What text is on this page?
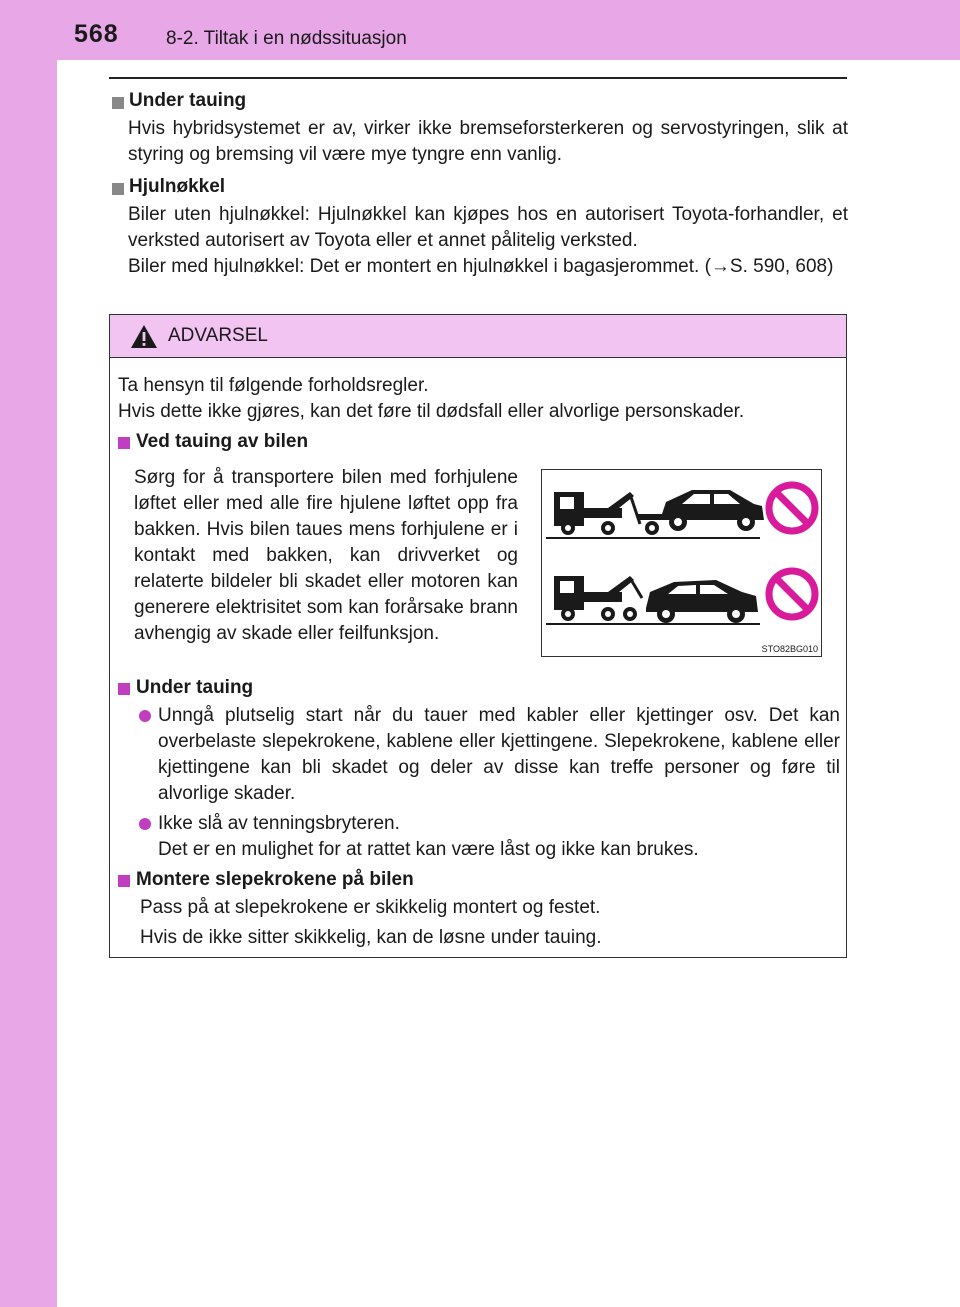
568 8-2. Tiltak i en nødssituasjon
Under tauing

Hvis hybridsystemet er av, virker ikke bremseforsterkeren og servostyringen, slik at styring og bremsing vil være mye tyngre enn vanlig.

Hjulnøkkel

Biler uten hjulnøkkel: Hjulnøkkel kan kjøpes hos en autorisert Toyota-forhandler, et verksted autorisert av Toyota eller et annet pålitelig verksted.

Biler med hjulnøkkel: Det er montert en hjulnøkkel i bagasjerommet. (→S. 590, 608)

ADVARSEL
Ta hensyn til følgende forholdsregler.
Hvis dette ikke gjøres, kan det føre til dødsfall eller alvorlige personskader.
Ved tauing av bilen
Sørg for å transportere bilen med forhjulene løftet eller med alle fire hjulene løftet opp fra bakken. Hvis bilen taues mens forhjulene er i kontakt med bakken, kan drivverket og relaterte bildeler bli skadet eller motoren kan generere elektrisitet som kan forårsake brann avhengig av skade eller feilfunksjon.
STO82BG010
Under tauing
Unngå plutselig start når du tauer med kabler eller kjettinger osv. Det kan overbelaste slepekrokene, kablene eller kjettingene. Slepekrokene, kablene eller kjettingene kan bli skadet og deler av disse kan treffe personer og føre til alvorlige skader.
Ikke slå av tenningsbryteren.
Det er en mulighet for at rattet kan være låst og ikke kan brukes.
Montere slepekrokene på bilen
Pass på at slepekrokene er skikkelig montert og festet.
Hvis de ikke sitter skikkelig, kan de løsne under tauing.
